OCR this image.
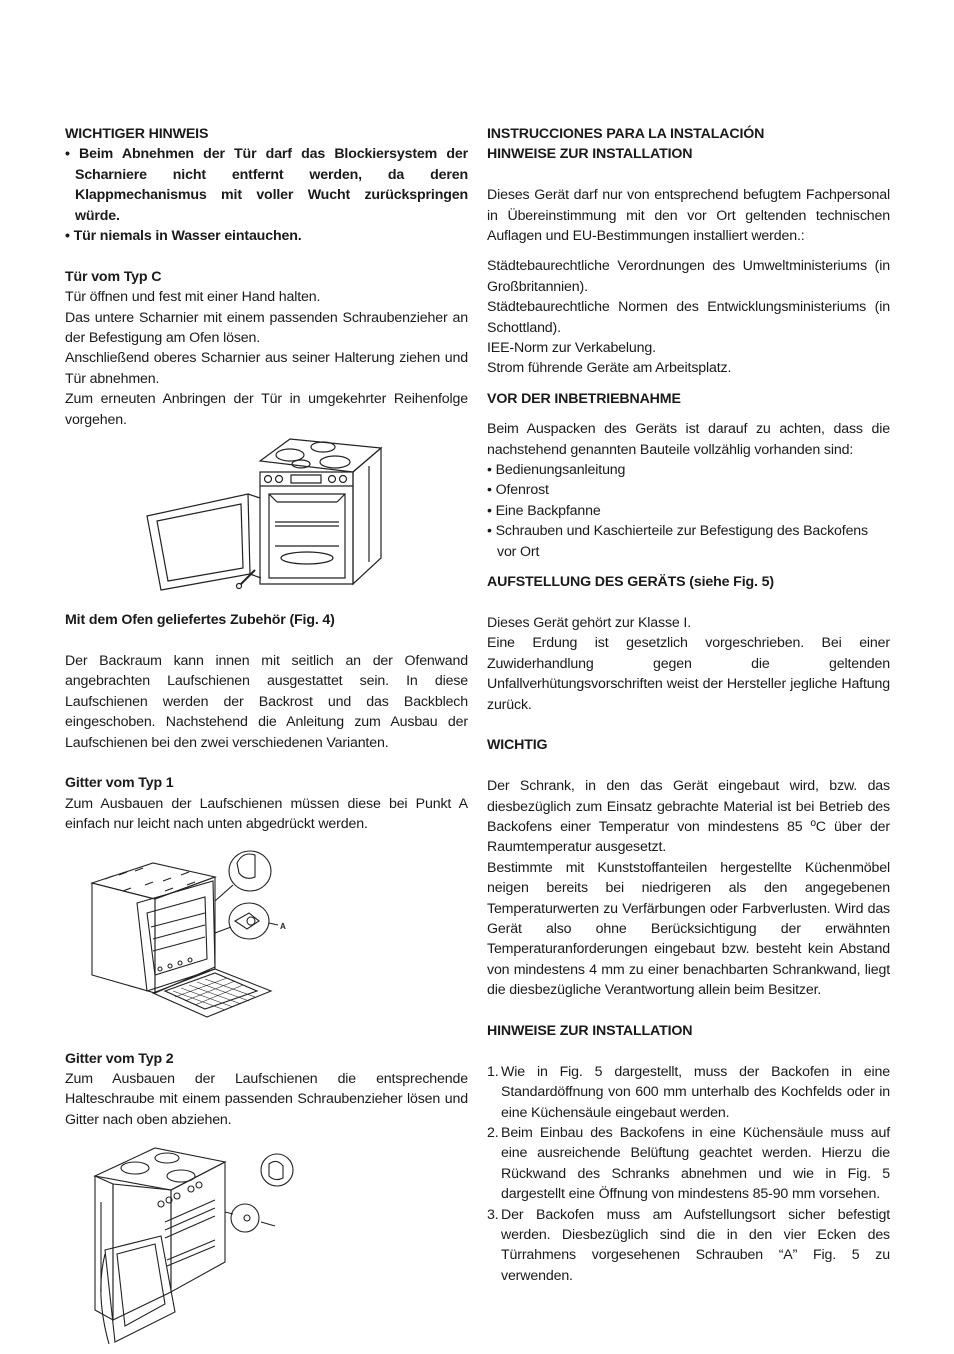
WICHTIGER HINWEIS
• Beim Abnehmen der Tür darf das Blockiersystem der Scharniere nicht entfernt werden, da deren Klappmechanismus mit voller Wucht zurückspringen würde.
• Tür niemals in Wasser eintauchen.
Tür vom Typ C
Tür öffnen und fest mit einer Hand halten.
Das untere Scharnier mit einem passenden Schraubenzieher an der Befestigung am Ofen lösen.
Anschließend oberes Scharnier aus seiner Halterung ziehen und Tür abnehmen.
Zum erneuten Anbringen der Tür in umgekehrter Reihenfolge vorgehen.
Mit dem Ofen geliefertes Zubehör (Fig. 4)
Der Backraum kann innen mit seitlich an der Ofenwand angebrachten Laufschienen ausgestattet sein. In diese Laufschienen werden der Backrost und das Backblech eingeschoben. Nachstehend die Anleitung zum Ausbau der Laufschienen bei den zwei verschiedenen Varianten.
Gitter vom Typ 1
Zum Ausbauen der Laufschienen müssen diese bei Punkt A einfach nur leicht nach unten abgedrückt werden.
A
Gitter vom Typ 2
Zum Ausbauen der Laufschienen die entsprechende Halteschraube mit einem passenden Schraubenzieher lösen und Gitter nach oben abziehen.
INSTRUCCIONES PARA LA INSTALACIÓN
HINWEISE ZUR INSTALLATION
Dieses Gerät darf nur von entsprechend befugtem Fachpersonal in Übereinstimmung mit den vor Ort geltenden technischen Auflagen und EU-Bestimmungen installiert werden.:
Städtebaurechtliche Verordnungen des Umweltministeriums (in Großbritannien).
Städtebaurechtliche Normen des Entwicklungsministeriums (in Schottland).
IEE-Norm zur Verkabelung.
Strom führende Geräte am Arbeitsplatz.
VOR DER INBETRIEBNAHME
Beim Auspacken des Geräts ist darauf zu achten, dass die nachstehend genannten Bauteile vollzählig vorhanden sind:
• Bedienungsanleitung
• Ofenrost
• Eine Backpfanne
• Schrauben und Kaschierteile zur Befestigung des Backofens vor Ort
AUFSTELLUNG DES GERÄTS (siehe Fig. 5)
Dieses Gerät gehört zur Klasse I.
Eine Erdung ist gesetzlich vorgeschrieben. Bei einer Zuwiderhandlung gegen die geltenden Unfallverhütungsvorschriften weist der Hersteller jegliche Haftung zurück.
WICHTIG
Der Schrank, in den das Gerät eingebaut wird, bzw. das diesbezüglich zum Einsatz gebrachte Material ist bei Betrieb des Backofens einer Temperatur von mindestens 85 ºC über der Raumtemperatur ausgesetzt.
Bestimmte mit Kunststoffanteilen hergestellte Küchenmöbel neigen bereits bei niedrigeren als den angegebenen Temperaturwerten zu Verfärbungen oder Farbverlusten. Wird das Gerät also ohne Berücksichtigung der erwähnten Temperaturanforderungen eingebaut bzw. besteht kein Abstand von mindestens 4 mm zu einer benachbarten Schrankwand, liegt die diesbezügliche Verantwortung allein beim Besitzer.
HINWEISE ZUR INSTALLATION
1. Wie in Fig. 5 dargestellt, muss der Backofen in eine Standardöffnung von 600 mm unterhalb des Kochfelds oder in eine Küchensäule eingebaut werden.
2. Beim Einbau des Backofens in eine Küchensäule muss auf eine ausreichende Belüftung geachtet werden. Hierzu die Rückwand des Schranks abnehmen und wie in Fig. 5 dargestellt eine Öffnung von mindestens 85-90 mm vorsehen.
3. Der Backofen muss am Aufstellungsort sicher befestigt werden. Diesbezüglich sind die in den vier Ecken des Türrahmens vorgesehenen Schrauben “A” Fig. 5 zu verwenden.
